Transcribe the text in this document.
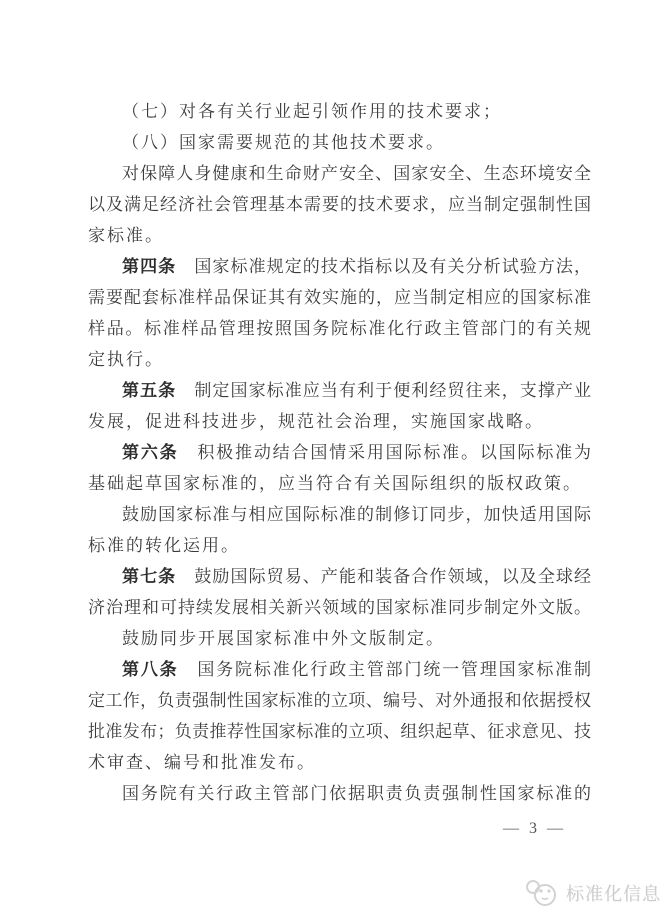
（七）对各有关行业起引领作用的技术要求；
（八）国家需要规范的其他技术要求。
对保障人身健康和生命财产安全、国家安全、生态环境安全
以及满足经济社会管理基本需要的技术要求，应当制定强制性国
家标准。
第四条　国家标准规定的技术指标以及有关分析试验方法，
需要配套标准样品保证其有效实施的，应当制定相应的国家标准
样品。标准样品管理按照国务院标准化行政主管部门的有关规
定执行。
第五条　制定国家标准应当有利于便利经贸往来，支撑产业
发展，促进科技进步，规范社会治理，实施国家战略。
第六条　积极推动结合国情采用国际标准。以国际标准为
基础起草国家标准的，应当符合有关国际组织的版权政策。
鼓励国家标准与相应国际标准的制修订同步，加快适用国际
标准的转化运用。
第七条　鼓励国际贸易、产能和装备合作领域，以及全球经
济治理和可持续发展相关新兴领域的国家标准同步制定外文版。
鼓励同步开展国家标准中外文版制定。
第八条　国务院标准化行政主管部门统一管理国家标准制
定工作，负责强制性国家标准的立项、编号、对外通报和依据授权
批准发布；负责推荐性国家标准的立项、组织起草、征求意见、技
术审查、编号和批准发布。
国务院有关行政主管部门依据职责负责强制性国家标准的
— 3 —
标准化信息
